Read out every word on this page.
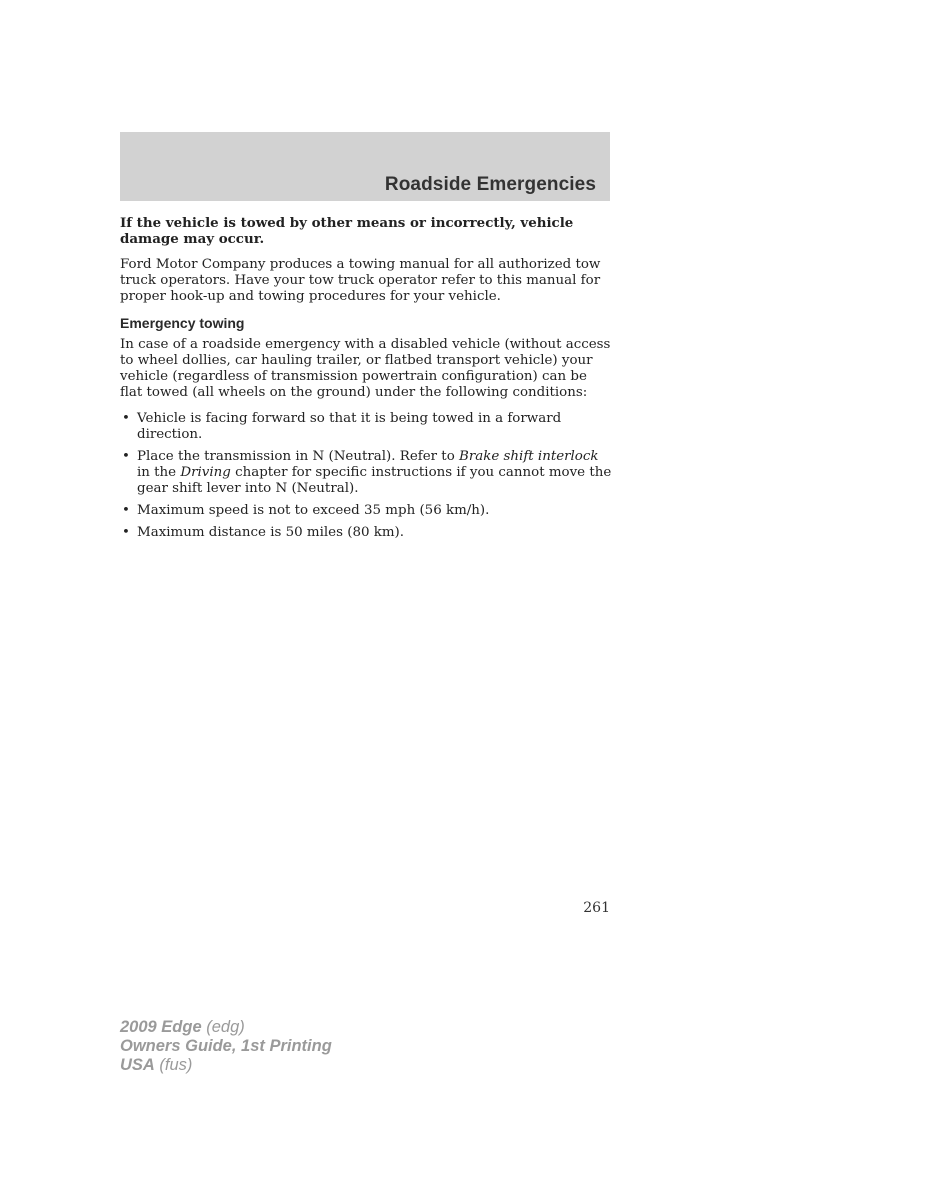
Roadside Emergencies

If the vehicle is towed by other means or incorrectly, vehicle damage may occur.

Ford Motor Company produces a towing manual for all authorized tow truck operators. Have your tow truck operator refer to this manual for proper hook-up and towing procedures for your vehicle.

Emergency towing

In case of a roadside emergency with a disabled vehicle (without access to wheel dollies, car hauling trailer, or flatbed transport vehicle) your vehicle (regardless of transmission powertrain configuration) can be flat towed (all wheels on the ground) under the following conditions:

• Vehicle is facing forward so that it is being towed in a forward direction.
• Place the transmission in N (Neutral). Refer to Brake shift interlock in the Driving chapter for specific instructions if you cannot move the gear shift lever into N (Neutral).
• Maximum speed is not to exceed 35 mph (56 km/h).
• Maximum distance is 50 miles (80 km).
261
2009 Edge (edg)
Owners Guide, 1st Printing
USA (fus)
